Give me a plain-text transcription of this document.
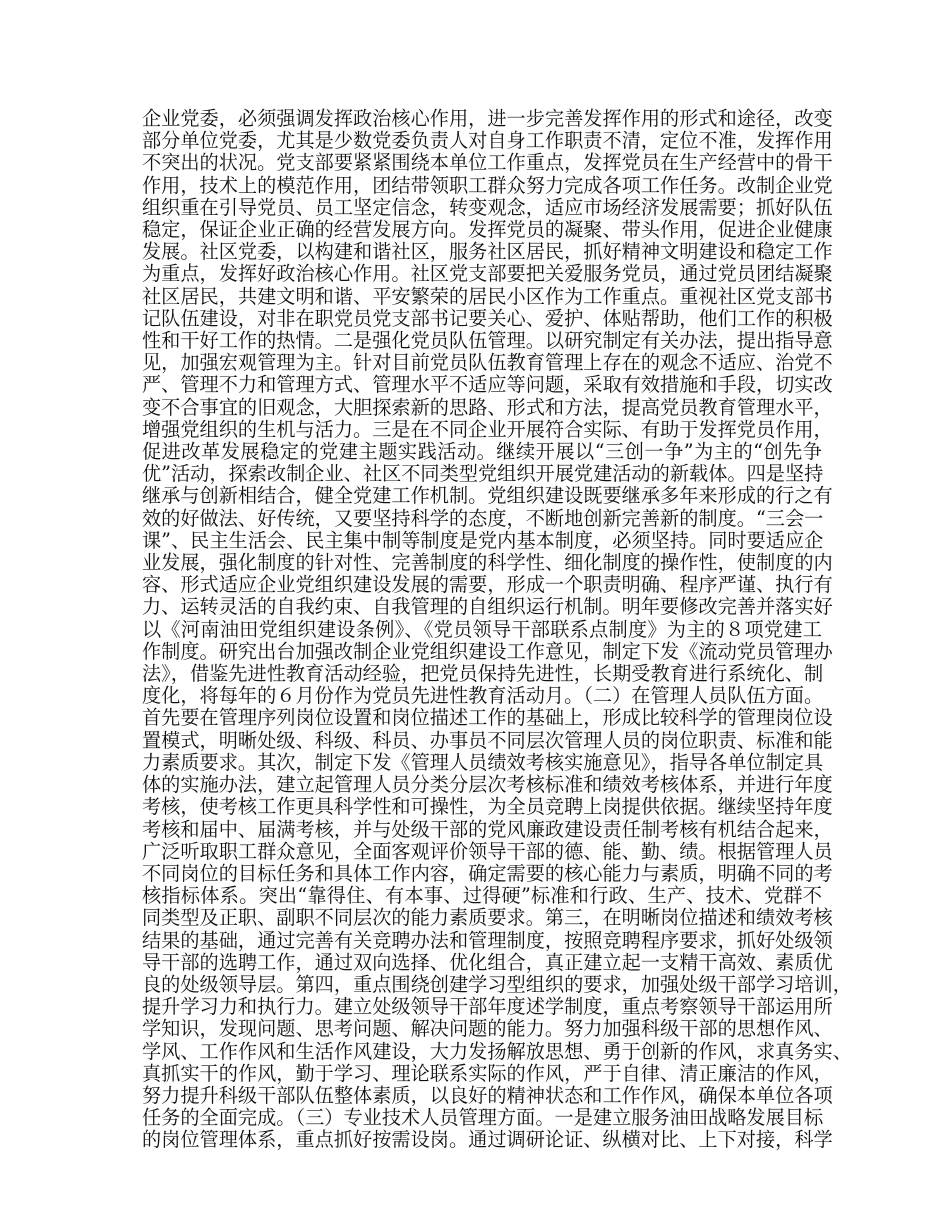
企业党委，必须强调发挥政治核心作用，进一步完善发挥作用的形式和途径，改变
部分单位党委，尤其是少数党委负责人对自身工作职责不清，定位不准，发挥作用
不突出的状况。党支部要紧紧围绕本单位工作重点，发挥党员在生产经营中的骨干
作用，技术上的模范作用，团结带领职工群众努力完成各项工作任务。改制企业党
组织重在引导党员、员工坚定信念，转变观念，适应市场经济发展需要；抓好队伍
稳定，保证企业正确的经营发展方向。发挥党员的凝聚、带头作用，促进企业健康
发展。社区党委，以构建和谐社区，服务社区居民，抓好精神文明建设和稳定工作
为重点，发挥好政治核心作用。社区党支部要把关爱服务党员，通过党员团结凝聚
社区居民，共建文明和谐、平安繁荣的居民小区作为工作重点。重视社区党支部书
记队伍建设，对非在职党员党支部书记要关心、爱护、体贴帮助，他们工作的积极
性和干好工作的热情。二是强化党员队伍管理。以研究制定有关办法，提出指导意
见，加强宏观管理为主。针对目前党员队伍教育管理上存在的观念不适应、治党不
严、管理不力和管理方式、管理水平不适应等问题，采取有效措施和手段，切实改
变不合事宜的旧观念，大胆探索新的思路、形式和方法，提高党员教育管理水平，
增强党组织的生机与活力。三是在不同企业开展符合实际、有助于发挥党员作用，
促进改革发展稳定的党建主题实践活动。继续开展以“三创一争”为主的“创先争
优”活动，探索改制企业、社区不同类型党组织开展党建活动的新载体。四是坚持
继承与创新相结合，健全党建工作机制。党组织建设既要继承多年来形成的行之有
效的好做法、好传统，又要坚持科学的态度，不断地创新完善新的制度。“三会一
课”、民主生活会、民主集中制等制度是党内基本制度，必须坚持。同时要适应企
业发展，强化制度的针对性、完善制度的科学性、细化制度的操作性，使制度的内
容、形式适应企业党组织建设发展的需要，形成一个职责明确、程序严谨、执行有
力、运转灵活的自我约束、自我管理的自组织运行机制。明年要修改完善并落实好
以《河南油田党组织建设条例》、《党员领导干部联系点制度》为主的８项党建工
作制度。研究出台加强改制企业党组织建设工作意见，制定下发《流动党员管理办
法》，借鉴先进性教育活动经验，把党员保持先进性，长期受教育进行系统化、制
度化，将每年的６月份作为党员先进性教育活动月。（二）在管理人员队伍方面。
首先要在管理序列岗位设置和岗位描述工作的基础上，形成比较科学的管理岗位设
置模式，明晰处级、科级、科员、办事员不同层次管理人员的岗位职责、标准和能
力素质要求。其次，制定下发《管理人员绩效考核实施意见》，指导各单位制定具
体的实施办法，建立起管理人员分类分层次考核标准和绩效考核体系，并进行年度
考核，使考核工作更具科学性和可操性，为全员竞聘上岗提供依据。继续坚持年度
考核和届中、届满考核，并与处级干部的党风廉政建设责任制考核有机结合起来，
广泛听取职工群众意见，全面客观评价领导干部的德、能、勤、绩。根据管理人员
不同岗位的目标任务和具体工作内容，确定需要的核心能力与素质，明确不同的考
核指标体系。突出“靠得住、有本事、过得硬”标准和行政、生产、技术、党群不
同类型及正职、副职不同层次的能力素质要求。第三，在明晰岗位描述和绩效考核
结果的基础，通过完善有关竞聘办法和管理制度，按照竞聘程序要求，抓好处级领
导干部的选聘工作，通过双向选择、优化组合，真正建立起一支精干高效、素质优
良的处级领导层。第四，重点围绕创建学习型组织的要求，加强处级干部学习培训，
提升学习力和执行力。建立处级领导干部年度述学制度，重点考察领导干部运用所
学知识，发现问题、思考问题、解决问题的能力。努力加强科级干部的思想作风、
学风、工作作风和生活作风建设，大力发扬解放思想、勇于创新的作风，求真务实、
真抓实干的作风，勤于学习、理论联系实际的作风，严于自律、清正廉洁的作风，
努力提升科级干部队伍整体素质，以良好的精神状态和工作作风，确保本单位各项
任务的全面完成。（三）专业技术人员管理方面。一是建立服务油田战略发展目标
的岗位管理体系，重点抓好按需设岗。通过调研论证、纵横对比、上下对接，科学
